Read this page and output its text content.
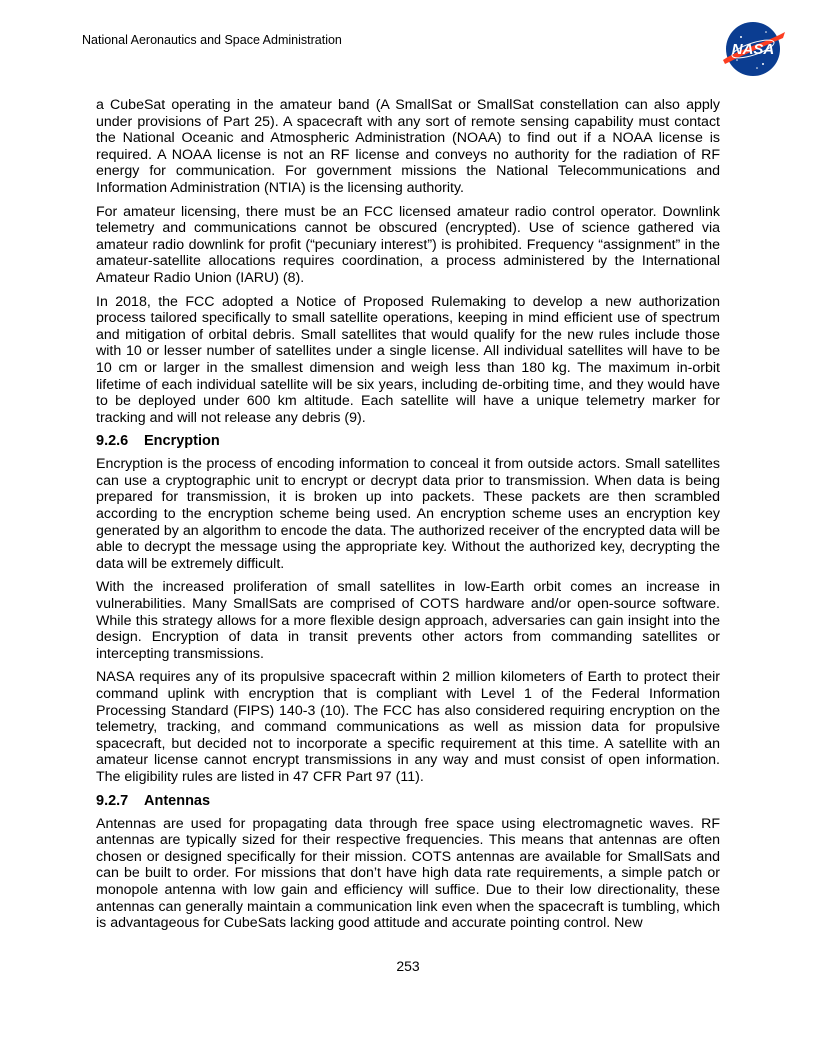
National Aeronautics and Space Administration
NASA

a CubeSat operating in the amateur band (A SmallSat or SmallSat constellation can also apply under provisions of Part 25). A spacecraft with any sort of remote sensing capability must contact the National Oceanic and Atmospheric Administration (NOAA) to find out if a NOAA license is required. A NOAA license is not an RF license and conveys no authority for the radiation of RF energy for communication. For government missions the National Telecommunications and Information Administration (NTIA) is the licensing authority.

For amateur licensing, there must be an FCC licensed amateur radio control operator. Downlink telemetry and communications cannot be obscured (encrypted). Use of science gathered via amateur radio downlink for profit (“pecuniary interest”) is prohibited. Frequency “assignment” in the amateur-satellite allocations requires coordination, a process administered by the International Amateur Radio Union (IARU) (8).

In 2018, the FCC adopted a Notice of Proposed Rulemaking to develop a new authorization process tailored specifically to small satellite operations, keeping in mind efficient use of spectrum and mitigation of orbital debris. Small satellites that would qualify for the new rules include those with 10 or lesser number of satellites under a single license. All individual satellites will have to be 10 cm or larger in the smallest dimension and weigh less than 180 kg. The maximum in-orbit lifetime of each individual satellite will be six years, including de-orbiting time, and they would have to be deployed under 600 km altitude. Each satellite will have a unique telemetry marker for tracking and will not release any debris (9).

9.2.6 Encryption

Encryption is the process of encoding information to conceal it from outside actors. Small satellites can use a cryptographic unit to encrypt or decrypt data prior to transmission. When data is being prepared for transmission, it is broken up into packets. These packets are then scrambled according to the encryption scheme being used. An encryption scheme uses an encryption key generated by an algorithm to encode the data. The authorized receiver of the encrypted data will be able to decrypt the message using the appropriate key. Without the authorized key, decrypting the data will be extremely difficult.

With the increased proliferation of small satellites in low-Earth orbit comes an increase in vulnerabilities. Many SmallSats are comprised of COTS hardware and/or open-source software. While this strategy allows for a more flexible design approach, adversaries can gain insight into the design. Encryption of data in transit prevents other actors from commanding satellites or intercepting transmissions.

NASA requires any of its propulsive spacecraft within 2 million kilometers of Earth to protect their command uplink with encryption that is compliant with Level 1 of the Federal Information Processing Standard (FIPS) 140-3 (10). The FCC has also considered requiring encryption on the telemetry, tracking, and command communications as well as mission data for propulsive spacecraft, but decided not to incorporate a specific requirement at this time. A satellite with an amateur license cannot encrypt transmissions in any way and must consist of open information. The eligibility rules are listed in 47 CFR Part 97 (11).

9.2.7 Antennas

Antennas are used for propagating data through free space using electromagnetic waves. RF antennas are typically sized for their respective frequencies. This means that antennas are often chosen or designed specifically for their mission. COTS antennas are available for SmallSats and can be built to order. For missions that don’t have high data rate requirements, a simple patch or monopole antenna with low gain and efficiency will suffice. Due to their low directionality, these antennas can generally maintain a communication link even when the spacecraft is tumbling, which is advantageous for CubeSats lacking good attitude and accurate pointing control. New

253
